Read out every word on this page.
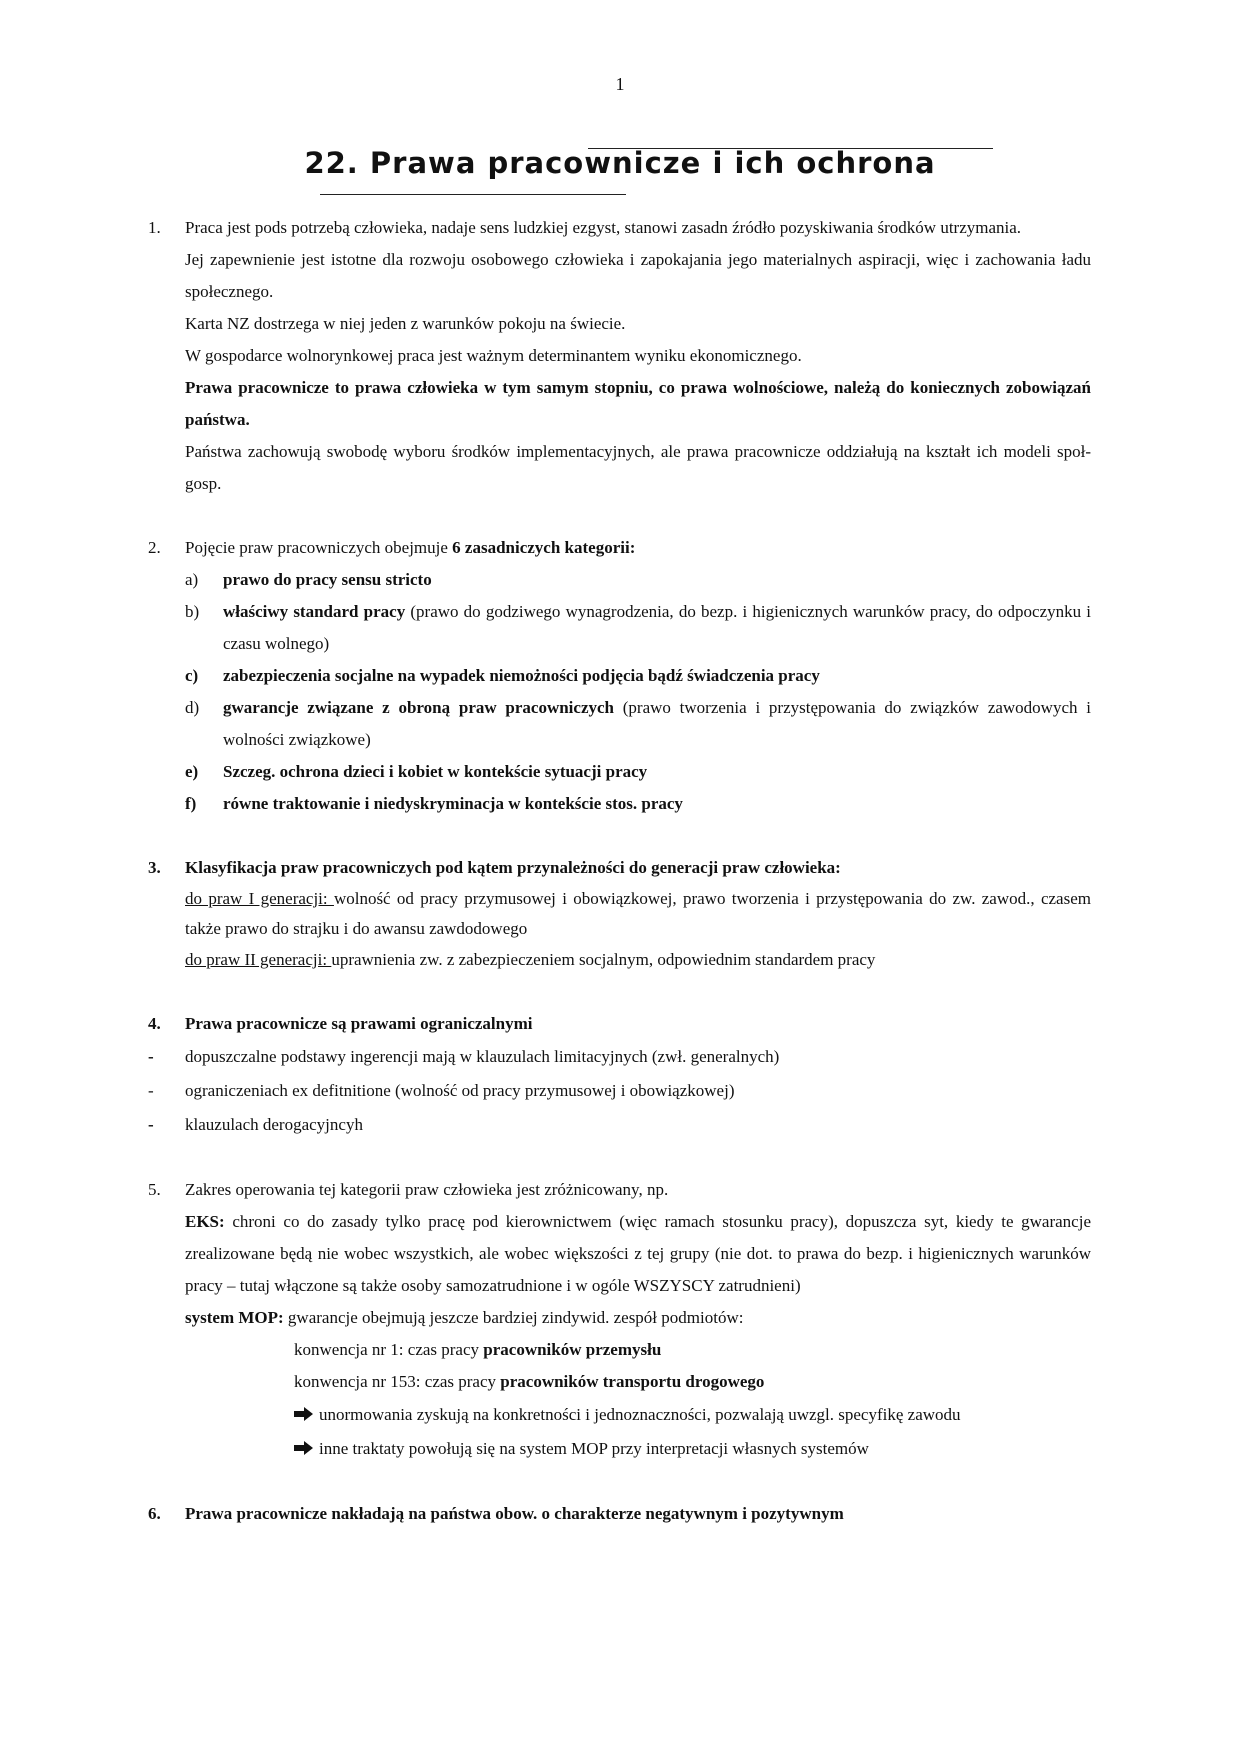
1
22. Prawa pracownicze i ich ochrona
1. Praca jest pods potrzebą człowieka, nadaje sens ludzkiej ezgyst, stanowi zasadn źródło pozyskiwania środków utrzymania.

Jej zapewnienie jest istotne dla rozwoju osobowego człowieka i zapokajania jego materialnych aspiracji, więc i zachowania ładu społecznego.

Karta NZ dostrzega w niej jeden z warunków pokoju na świecie.

W gospodarce wolnorynkowej praca jest ważnym determinantem wyniku ekonomicznego.

Prawa pracownicze to prawa człowieka w tym samym stopniu, co prawa wolnościowe, należą do koniecznych zobowiązań państwa.

Państwa zachowują swobodę wyboru środków implementacyjnych, ale prawa pracownicze oddziałują na kształt ich modeli społ-gosp.

2. Pojęcie praw pracowniczych obejmuje 6 zasadniczych kategorii:

a)	prawo do pracy sensu stricto

b)	właściwy standard pracy (prawo do godziwego wynagrodzenia, do bezp. i higienicznych warunków pracy, do odpoczynku i czasu wolnego)

c)	zabezpieczenia socjalne na wypadek niemożności podjęcia bądź świadczenia pracy

d)	gwarancje związane z obroną praw pracowniczych (prawo tworzenia i przystępowania do związków zawodowych i wolności związkowe)

e)	Szczeg. ochrona dzieci i kobiet w kontekście sytuacji pracy

f)	równe traktowanie i niedyskryminacja w kontekście stos. pracy

3. Klasyfikacja praw pracowniczych pod kątem przynależności do generacji praw człowieka:

do praw I generacji: wolność od pracy przymusowej i obowiązkowej, prawo tworzenia i przystępowania do zw. zawod., czasem także prawo do strajku i do awansu zawdodowego

do praw II generacji: uprawnienia zw. z zabezpieczeniem socjalnym, odpowiednim standardem pracy

4. Prawa pracownicze są prawami ograniczalnymi

- dopuszczalne podstawy ingerencji mają w klauzulach limitacyjnych (zwł. generalnych)

- ograniczeniach ex defitnitione (wolność od pracy przymusowej i obowiązkowej)

- klauzulach derogacyjncyh

5. Zakres operowania tej kategorii praw człowieka jest zróżnicowany, np.

EKS: chroni co do zasady tylko pracę pod kierownictwem (więc ramach stosunku pracy), dopuszcza syt, kiedy te gwarancje zrealizowane będą nie wobec wszystkich, ale wobec większości z tej grupy (nie dot. to prawa do bezp. i higienicznych warunków pracy – tutaj włączone są także osoby samozatrudnione i w ogóle WSZYSCY zatrudnieni)

system MOP: gwarancje obejmują jeszcze bardziej zindywid. zespół podmiotów:

konwencja nr 1: czas pracy pracowników przemysłu

konwencja nr 153: czas pracy pracowników transportu drogowego

unormowania zyskują na konkretności i jednoznaczności, pozwalają uwzgl. specyfikę zawodu

inne traktaty powołują się na system MOP przy interpretacji własnych systemów

6. Prawa pracownicze nakładają na państwa obow. o charakterze negatywnym i pozytywnym
